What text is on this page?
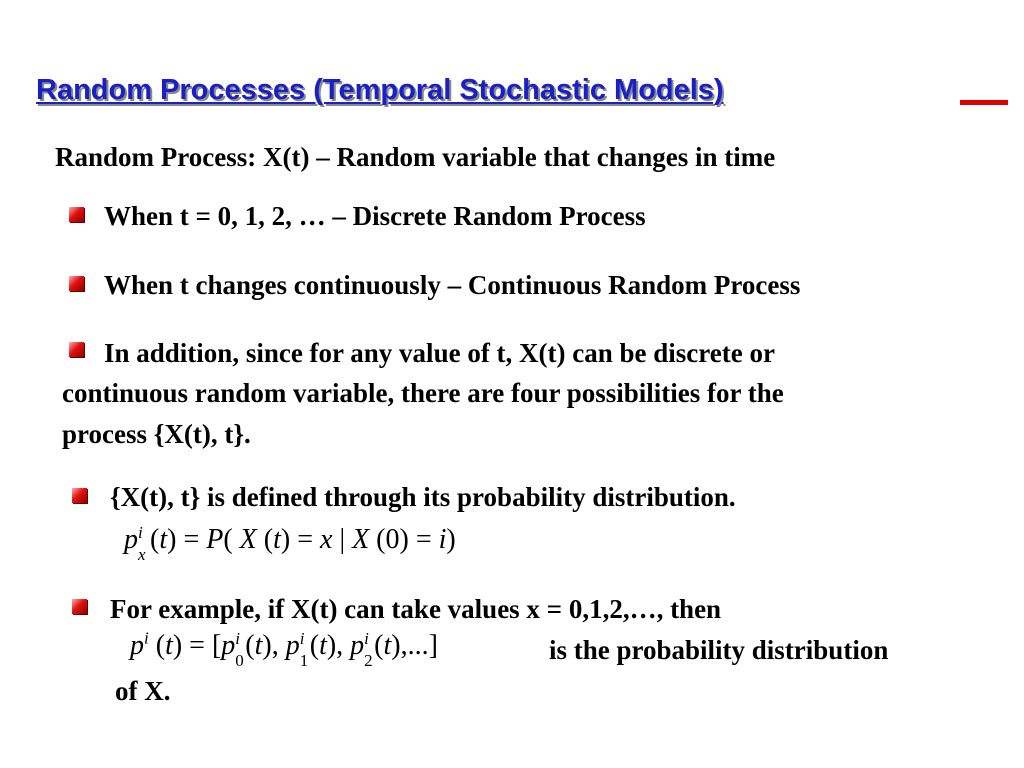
Random Processes (Temporal Stochastic Models)
Random Process: X(t) – Random variable that changes in time
When t = 0, 1, 2, … – Discrete Random Process
When t changes continuously – Continuous Random Process
In addition, since for any value of t, X(t) can be discrete or
continuous random variable, there are four possibilities for the
process {X(t), t}.
{X(t), t} is defined through its probability distribution.
p i
x (t) = P( X (t) = x | X (0) = i)
For example, if X(t) can take values x = 0,1,2,…, then
$p^i$ (t) = [p i
0 (t), p i
1 (t), p i
2 (t),...]	is the probability distribution
of X.
